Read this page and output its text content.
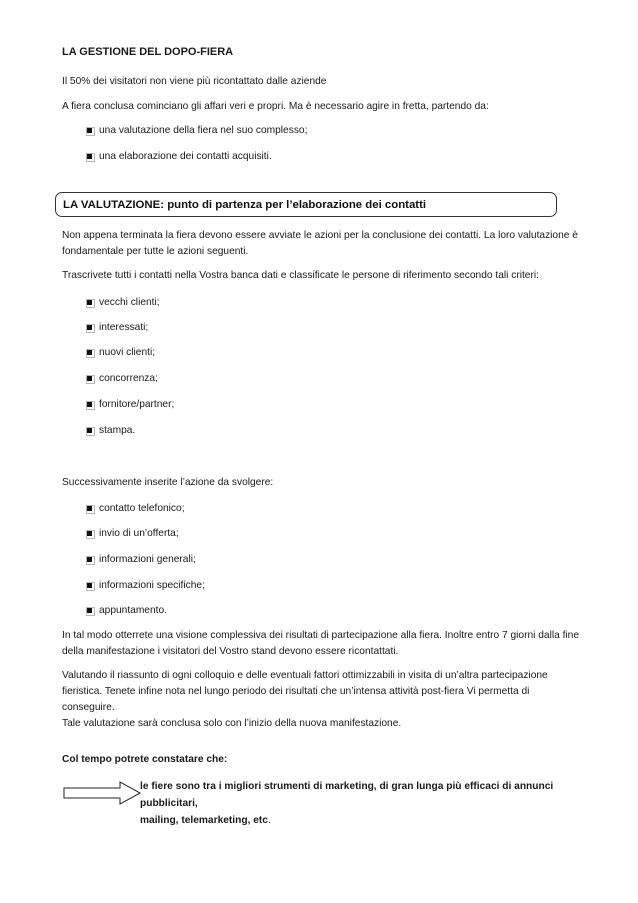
LA GESTIONE DEL DOPO-FIERA
Il 50% dei visitatori non viene più ricontattato dalle aziende
A fiera conclusa cominciano gli affari veri e propri. Ma è necessario agire in fretta, partendo da:
una valutazione della fiera nel suo complesso;
una elaborazione dei contatti acquisiti.
LA VALUTAZIONE: punto di partenza per l’elaborazione dei contatti
Non appena terminata la fiera devono essere avviate le azioni per la conclusione dei contatti. La loro valutazione è
fondamentale per tutte le azioni seguenti.
Trascrivete tutti i contatti nella Vostra banca dati e classificate le persone di riferimento secondo tali criteri:
vecchi clienti;
interessati;
nuovi clienti;
concorrenza;
fornitore/partner;
stampa.
Successivamente inserite l’azione da svolgere:
contatto telefonico;
invio di un’offerta;
informazioni generali;
informazioni specifiche;
appuntamento.
In tal modo otterrete una visione complessiva dei risultati di partecipazione alla fiera. Inoltre entro 7 giorni dalla fine
della manifestazione i visitatori del Vostro stand devono essere ricontattati.
Valutando il riassunto di ogni colloquio e delle eventuali fattori ottimizzabili in visita di un’altra partecipazione
fieristica. Tenete infine nota nel lungo periodo dei risultati che un’intensa attività post-fiera Vi permetta di conseguire.
Tale valutazione sarà conclusa solo con l’inizio della nuova manifestazione.
Col tempo potrete constatare che:
le fiere sono tra i migliori strumenti di marketing, di gran lunga più efficaci di annunci pubblicitari,
mailing, telemarketing, etc.
